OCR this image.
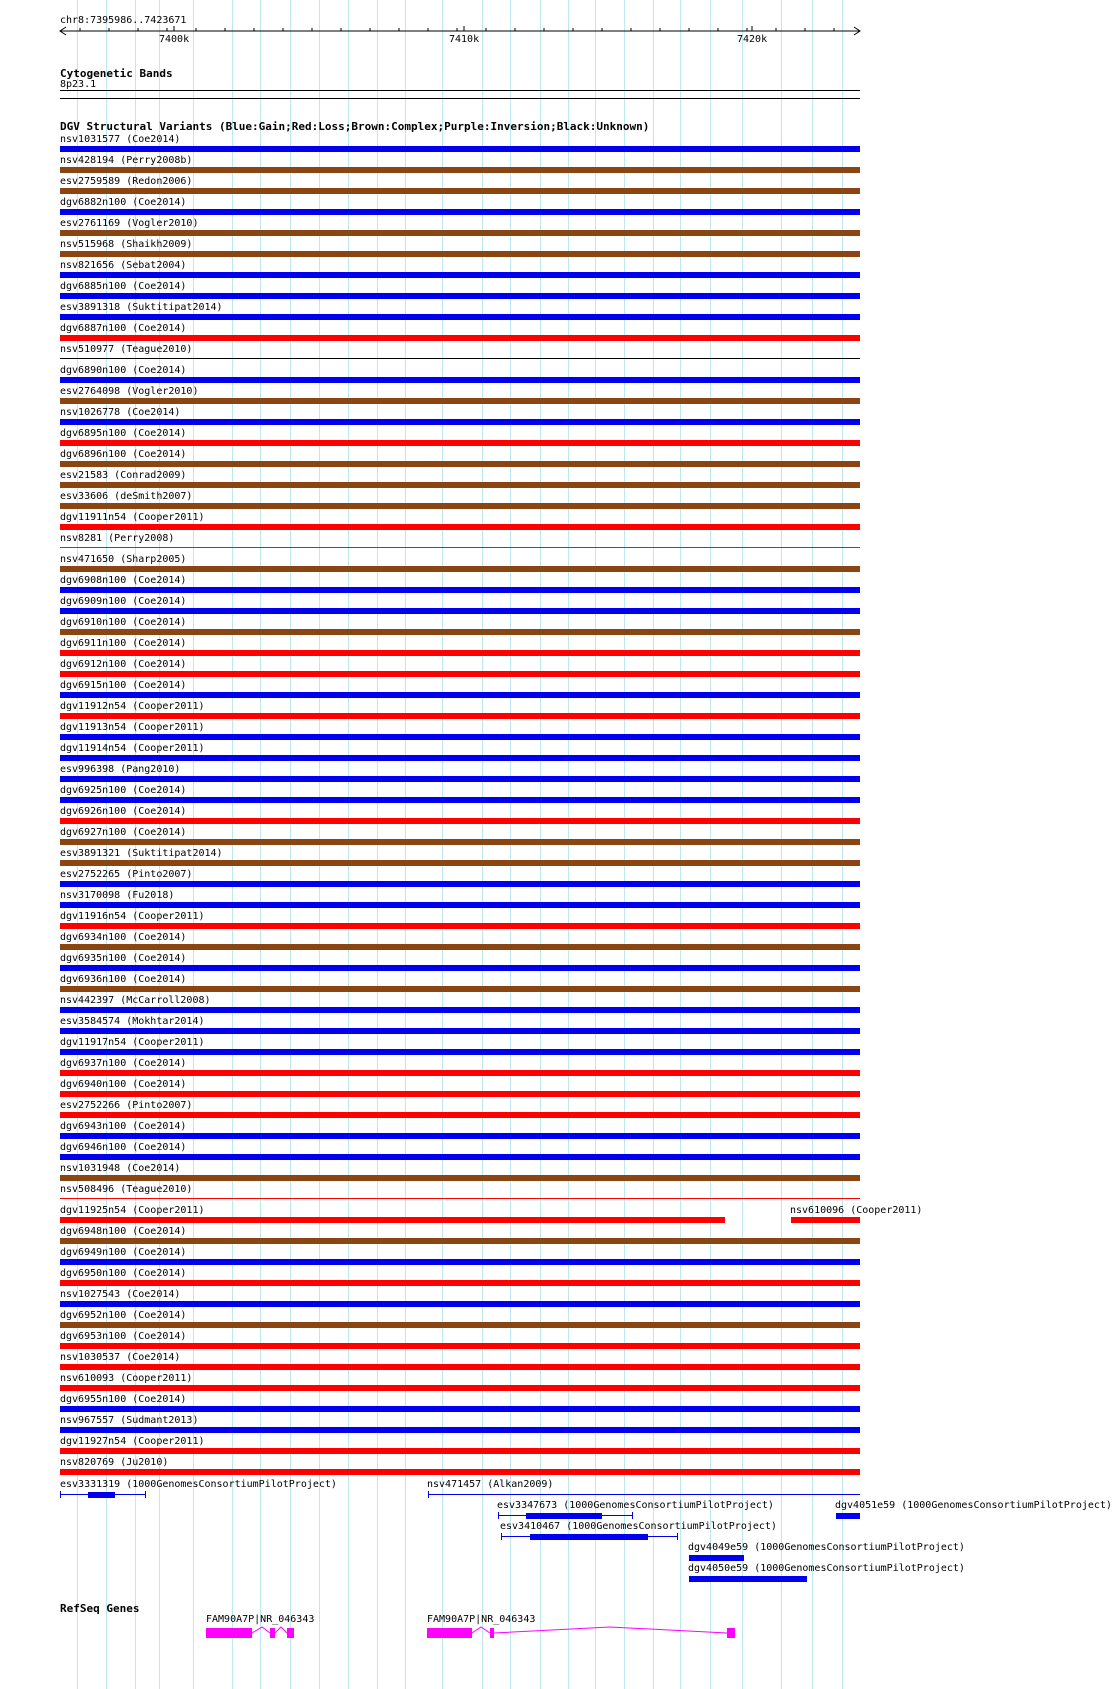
chr8:7395986..7423671
Cytogenetic Bands
8p23.1
DGV Structural Variants (Blue:Gain;Red:Loss;Brown:Complex;Purple:Inversion;Black:Unknown)
nsv1031577 (Coe2014)
nsv428194 (Perry2008b)
esv2759589 (Redon2006)
dgv6882n100 (Coe2014)
esv2761169 (Vogler2010)
nsv515968 (Shaikh2009)
nsv821656 (Sebat2004)
dgv6885n100 (Coe2014)
esv3891318 (Suktitipat2014)
dgv6887n100 (Coe2014)
nsv510977 (Teague2010)
dgv6890n100 (Coe2014)
esv2764098 (Vogler2010)
nsv1026778 (Coe2014)
dgv6895n100 (Coe2014)
dgv6896n100 (Coe2014)
esv21583 (Conrad2009)
esv33606 (deSmith2007)
dgv11911n54 (Cooper2011)
nsv8281 (Perry2008)
nsv471650 (Sharp2005)
dgv6908n100 (Coe2014)
dgv6909n100 (Coe2014)
dgv6910n100 (Coe2014)
dgv6911n100 (Coe2014)
dgv6912n100 (Coe2014)
dgv6915n100 (Coe2014)
dgv11912n54 (Cooper2011)
dgv11913n54 (Cooper2011)
dgv11914n54 (Cooper2011)
esv996398 (Pang2010)
dgv6925n100 (Coe2014)
dgv6926n100 (Coe2014)
dgv6927n100 (Coe2014)
esv3891321 (Suktitipat2014)
esv2752265 (Pinto2007)
nsv3170098 (Fu2018)
dgv11916n54 (Cooper2011)
dgv6934n100 (Coe2014)
dgv6935n100 (Coe2014)
dgv6936n100 (Coe2014)
nsv442397 (McCarroll2008)
esv3584574 (Mokhtar2014)
dgv11917n54 (Cooper2011)
dgv6937n100 (Coe2014)
dgv6940n100 (Coe2014)
esv2752266 (Pinto2007)
dgv6943n100 (Coe2014)
dgv6946n100 (Coe2014)
nsv1031948 (Coe2014)
nsv508496 (Teague2010)
dgv11925n54 (Cooper2011)	nsv610096 (Cooper2011)
dgv6948n100 (Coe2014)
dgv6949n100 (Coe2014)
dgv6950n100 (Coe2014)
nsv1027543 (Coe2014)
dgv6952n100 (Coe2014)
dgv6953n100 (Coe2014)
nsv1030537 (Coe2014)
nsv610093 (Cooper2011)
dgv6955n100 (Coe2014)
nsv967557 (Sudmant2013)
dgv11927n54 (Cooper2011)
nsv820769 (Ju2010)
esv3331319 (1000GenomesConsortiumPilotProject)	nsv471457 (Alkan2009)
esv3347673 (1000GenomesConsortiumPilotProject)	dgv4051e59 (1000GenomesConsortiumPilotProject)
esv3410467 (1000GenomesConsortiumPilotProject)
dgv4049e59 (1000GenomesConsortiumPilotProject)
dgv4050e59 (1000GenomesConsortiumPilotProject)
RefSeq Genes
FAM90A7P|NR_046343	FAM90A7P|NR_046343
7400k	7410k	7420k
